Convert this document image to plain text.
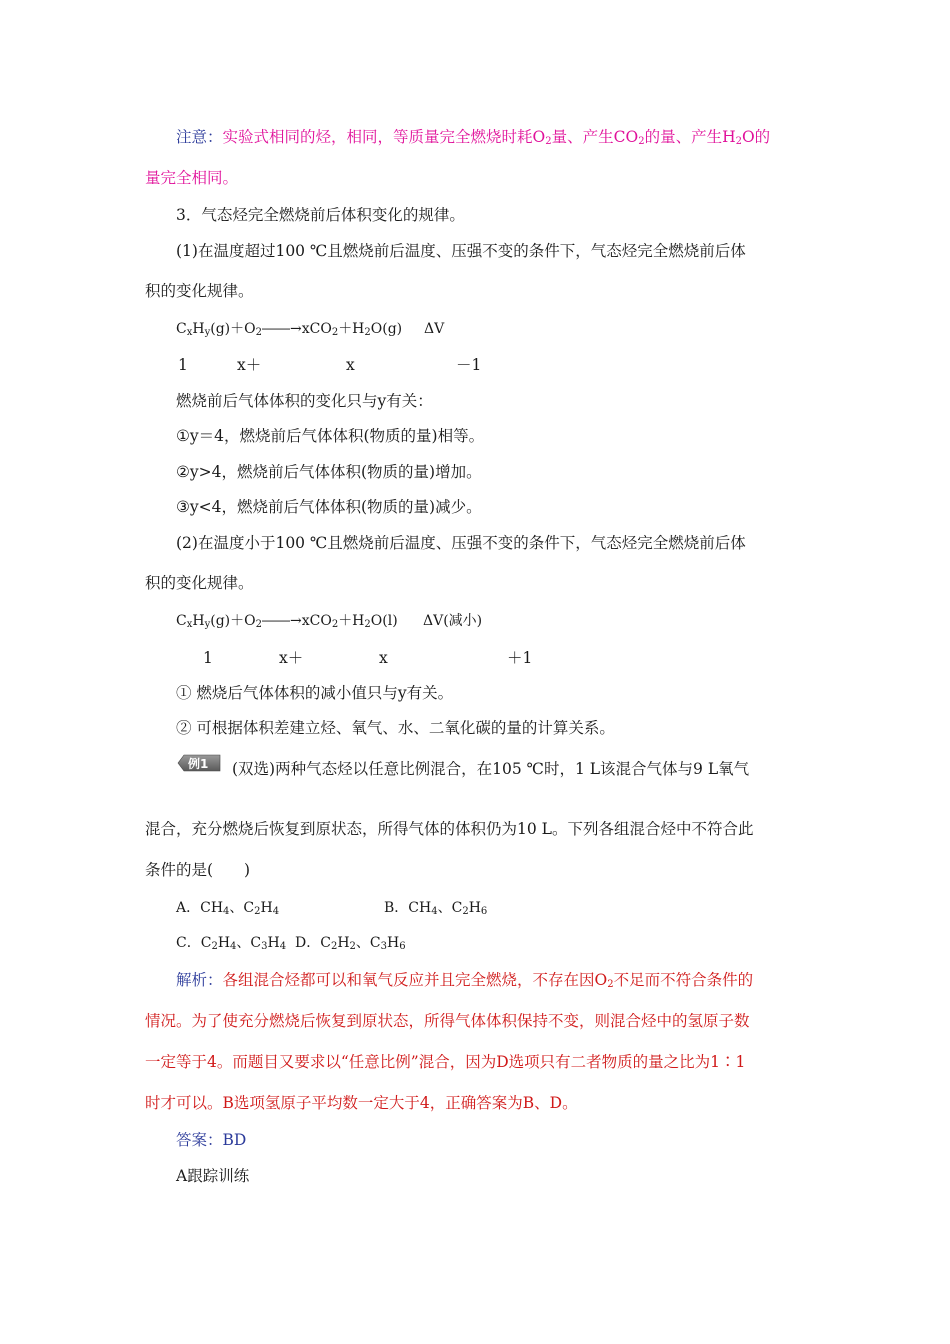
注意：实验式相同的烃，相同，等质量完全燃烧时耗$O_2$量、产生$CO_2$的量、产生$H_2O$的
量完全相同。
3．气态烃完全燃烧前后体积变化的规律。
(1)在温度超过100 ℃且燃烧前后温度、压强不变的条件下，气态烃完全燃烧前后体
积的变化规律。
$C_xH_y(g)+O_2――\to xCO_2+H_2O(g)$ ΔV
1	x＋	x	－1
燃烧前后气体体积的变化只与y有关：
①y＝4，燃烧前后气体体积(物质的量)相等。
②y>4，燃烧前后气体体积(物质的量)增加。
③y<4，燃烧前后气体体积(物质的量)减少。
(2)在温度小于100 ℃且燃烧前后温度、压强不变的条件下，气态烃完全燃烧前后体
积的变化规律。
$C_xH_y(g)+O_2――\to xCO_2+H_2O(l)$ ΔV(减小)
1	x＋	x	＋1
① 燃烧后气体体积的减小值只与y有关。
② 可根据体积差建立烃、氧气、水、二氧化碳的量的计算关系。
例1 (双选)两种气态烃以任意比例混合，在105 ℃时，1 L该混合气体与9 L氧气
混合，充分燃烧后恢复到原状态，所得气体的体积仍为10 L。下列各组混合烃中不符合此
条件的是(　　)
A．$CH_4$、$C_2H_4$	B．$CH_4$、$C_2H_6$
C．$C_2H_4$、$C_3H_4$ D．$C_2H_2$、$C_3H_6$
解析：各组混合烃都可以和氧气反应并且完全燃烧，不存在因$O_2$不足而不符合条件的
情况。为了使充分燃烧后恢复到原状态，所得气体体积保持不变，则混合烃中的氢原子数
一定等于4。而题目又要求以“任意比例”混合，因为D选项只有二者物质的量之比为1∶1
时才可以。B选项氢原子平均数一定大于4，正确答案为B、D。
答案：BD
A跟踪训练
